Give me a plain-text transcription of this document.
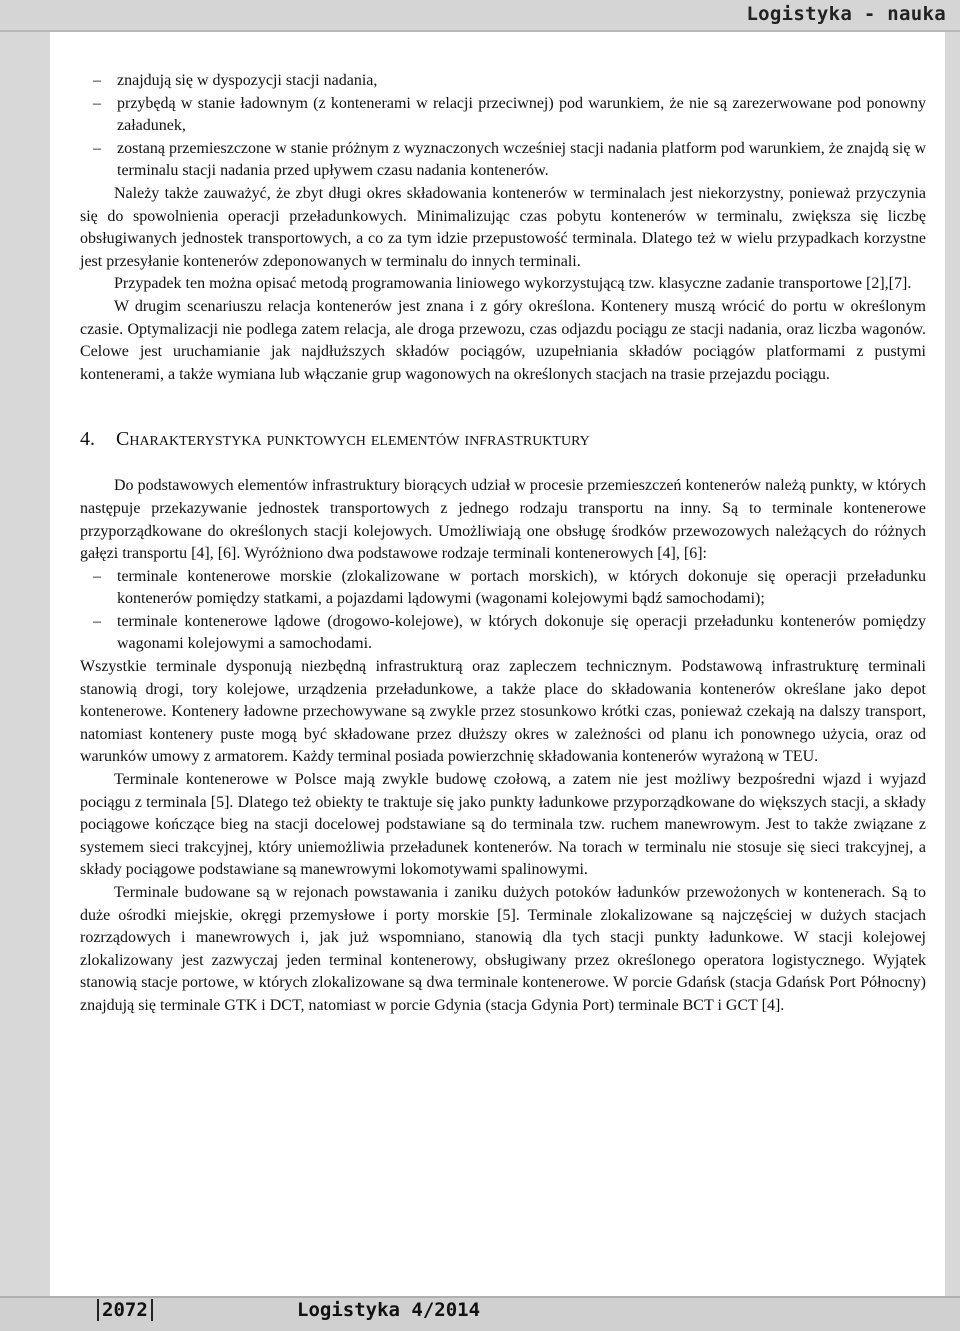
Logistyka - nauka

– znajdują się w dyspozycji stacji nadania,

– przybędą w stanie ładownym (z kontenerami w relacji przeciwnej) pod warunkiem, że nie są zarezerwowane pod ponowny załadunek,

– zostaną przemieszczone w stanie próżnym z wyznaczonych wcześniej stacji nadania platform pod warunkiem, że znajdą się w terminalu stacji nadania przed upływem czasu nadania kontenerów.

Należy także zauważyć, że zbyt długi okres składowania kontenerów w terminalach jest niekorzystny, ponieważ przyczynia się do spowolnienia operacji przeładunkowych. Minimalizując czas pobytu kontenerów w terminalu, zwiększa się liczbę obsługiwanych jednostek transportowych, a co za tym idzie przepustowość terminala. Dlatego też w wielu przypadkach korzystne jest przesyłanie kontenerów zdeponowanych w terminalu do innych terminali.

Przypadek ten można opisać metodą programowania liniowego wykorzystującą tzw. klasyczne zadanie transportowe [2],[7].

W drugim scenariuszu relacja kontenerów jest znana i z góry określona. Kontenery muszą wrócić do portu w określonym czasie. Optymalizacji nie podlega zatem relacja, ale droga przewozu, czas odjazdu pociągu ze stacji nadania, oraz liczba wagonów. Celowe jest uruchamianie jak najdłuższych składów pociągów, uzupełniania składów pociągów platformami z pustymi kontenerami, a także wymiana lub włączanie grup wagonowych na określonych stacjach na trasie przejazdu pociągu.

4. Charakterystyka punktowych elementów infrastruktury

Do podstawowych elementów infrastruktury biorących udział w procesie przemieszczeń kontenerów należą punkty, w których następuje przekazywanie jednostek transportowych z jednego rodzaju transportu na inny. Są to terminale kontenerowe przyporządkowane do określonych stacji kolejowych. Umożliwiają one obsługę środków przewozowych należących do różnych gałęzi transportu [4], [6]. Wyróżniono dwa podstawowe rodzaje terminali kontenerowych [4], [6]:

– terminale kontenerowe morskie (zlokalizowane w portach morskich), w których dokonuje się operacji przeładunku kontenerów pomiędzy statkami, a pojazdami lądowymi (wagonami kolejowymi bądź samochodami);

– terminale kontenerowe lądowe (drogowo-kolejowe), w których dokonuje się operacji przeładunku kontenerów pomiędzy wagonami kolejowymi a samochodami.

Wszystkie terminale dysponują niezbędną infrastrukturą oraz zapleczem technicznym. Podstawową infrastrukturę terminali stanowią drogi, tory kolejowe, urządzenia przeładunkowe, a także place do składowania kontenerów określane jako depot kontenerowe. Kontenery ładowne przechowywane są zwykle przez stosunkowo krótki czas, ponieważ czekają na dalszy transport, natomiast kontenery puste mogą być składowane przez dłuższy okres w zależności od planu ich ponownego użycia, oraz od warunków umowy z armatorem. Każdy terminal posiada powierzchnię składowania kontenerów wyrażoną w TEU.

Terminale kontenerowe w Polsce mają zwykle budowę czołową, a zatem nie jest możliwy bezpośredni wjazd i wyjazd pociągu z terminala [5]. Dlatego też obiekty te traktuje się jako punkty ładunkowe przyporządkowane do większych stacji, a składy pociągowe kończące bieg na stacji docelowej podstawiane są do terminala tzw. ruchem manewrowym. Jest to także związane z systemem sieci trakcyjnej, który uniemożliwia przeładunek kontenerów. Na torach w terminalu nie stosuje się sieci trakcyjnej, a składy pociągowe podstawiane są manewrowymi lokomotywami spalinowymi.

Terminale budowane są w rejonach powstawania i zaniku dużych potoków ładunków przewożonych w kontenerach. Są to duże ośrodki miejskie, okręgi przemysłowe i porty morskie [5]. Terminale zlokalizowane są najczęściej w dużych stacjach rozrządowych i manewrowych i, jak już wspomniano, stanowią dla tych stacji punkty ładunkowe. W stacji kolejowej zlokalizowany jest zazwyczaj jeden terminal kontenerowy, obsługiwany przez określonego operatora logistycznego. Wyjątek stanowią stacje portowe, w których zlokalizowane są dwa terminale kontenerowe. W porcie Gdańsk (stacja Gdańsk Port Północny) znajdują się terminale GTK i DCT, natomiast w porcie Gdynia (stacja Gdynia Port) terminale BCT i GCT [4].

2072	Logistyka 4/2014
